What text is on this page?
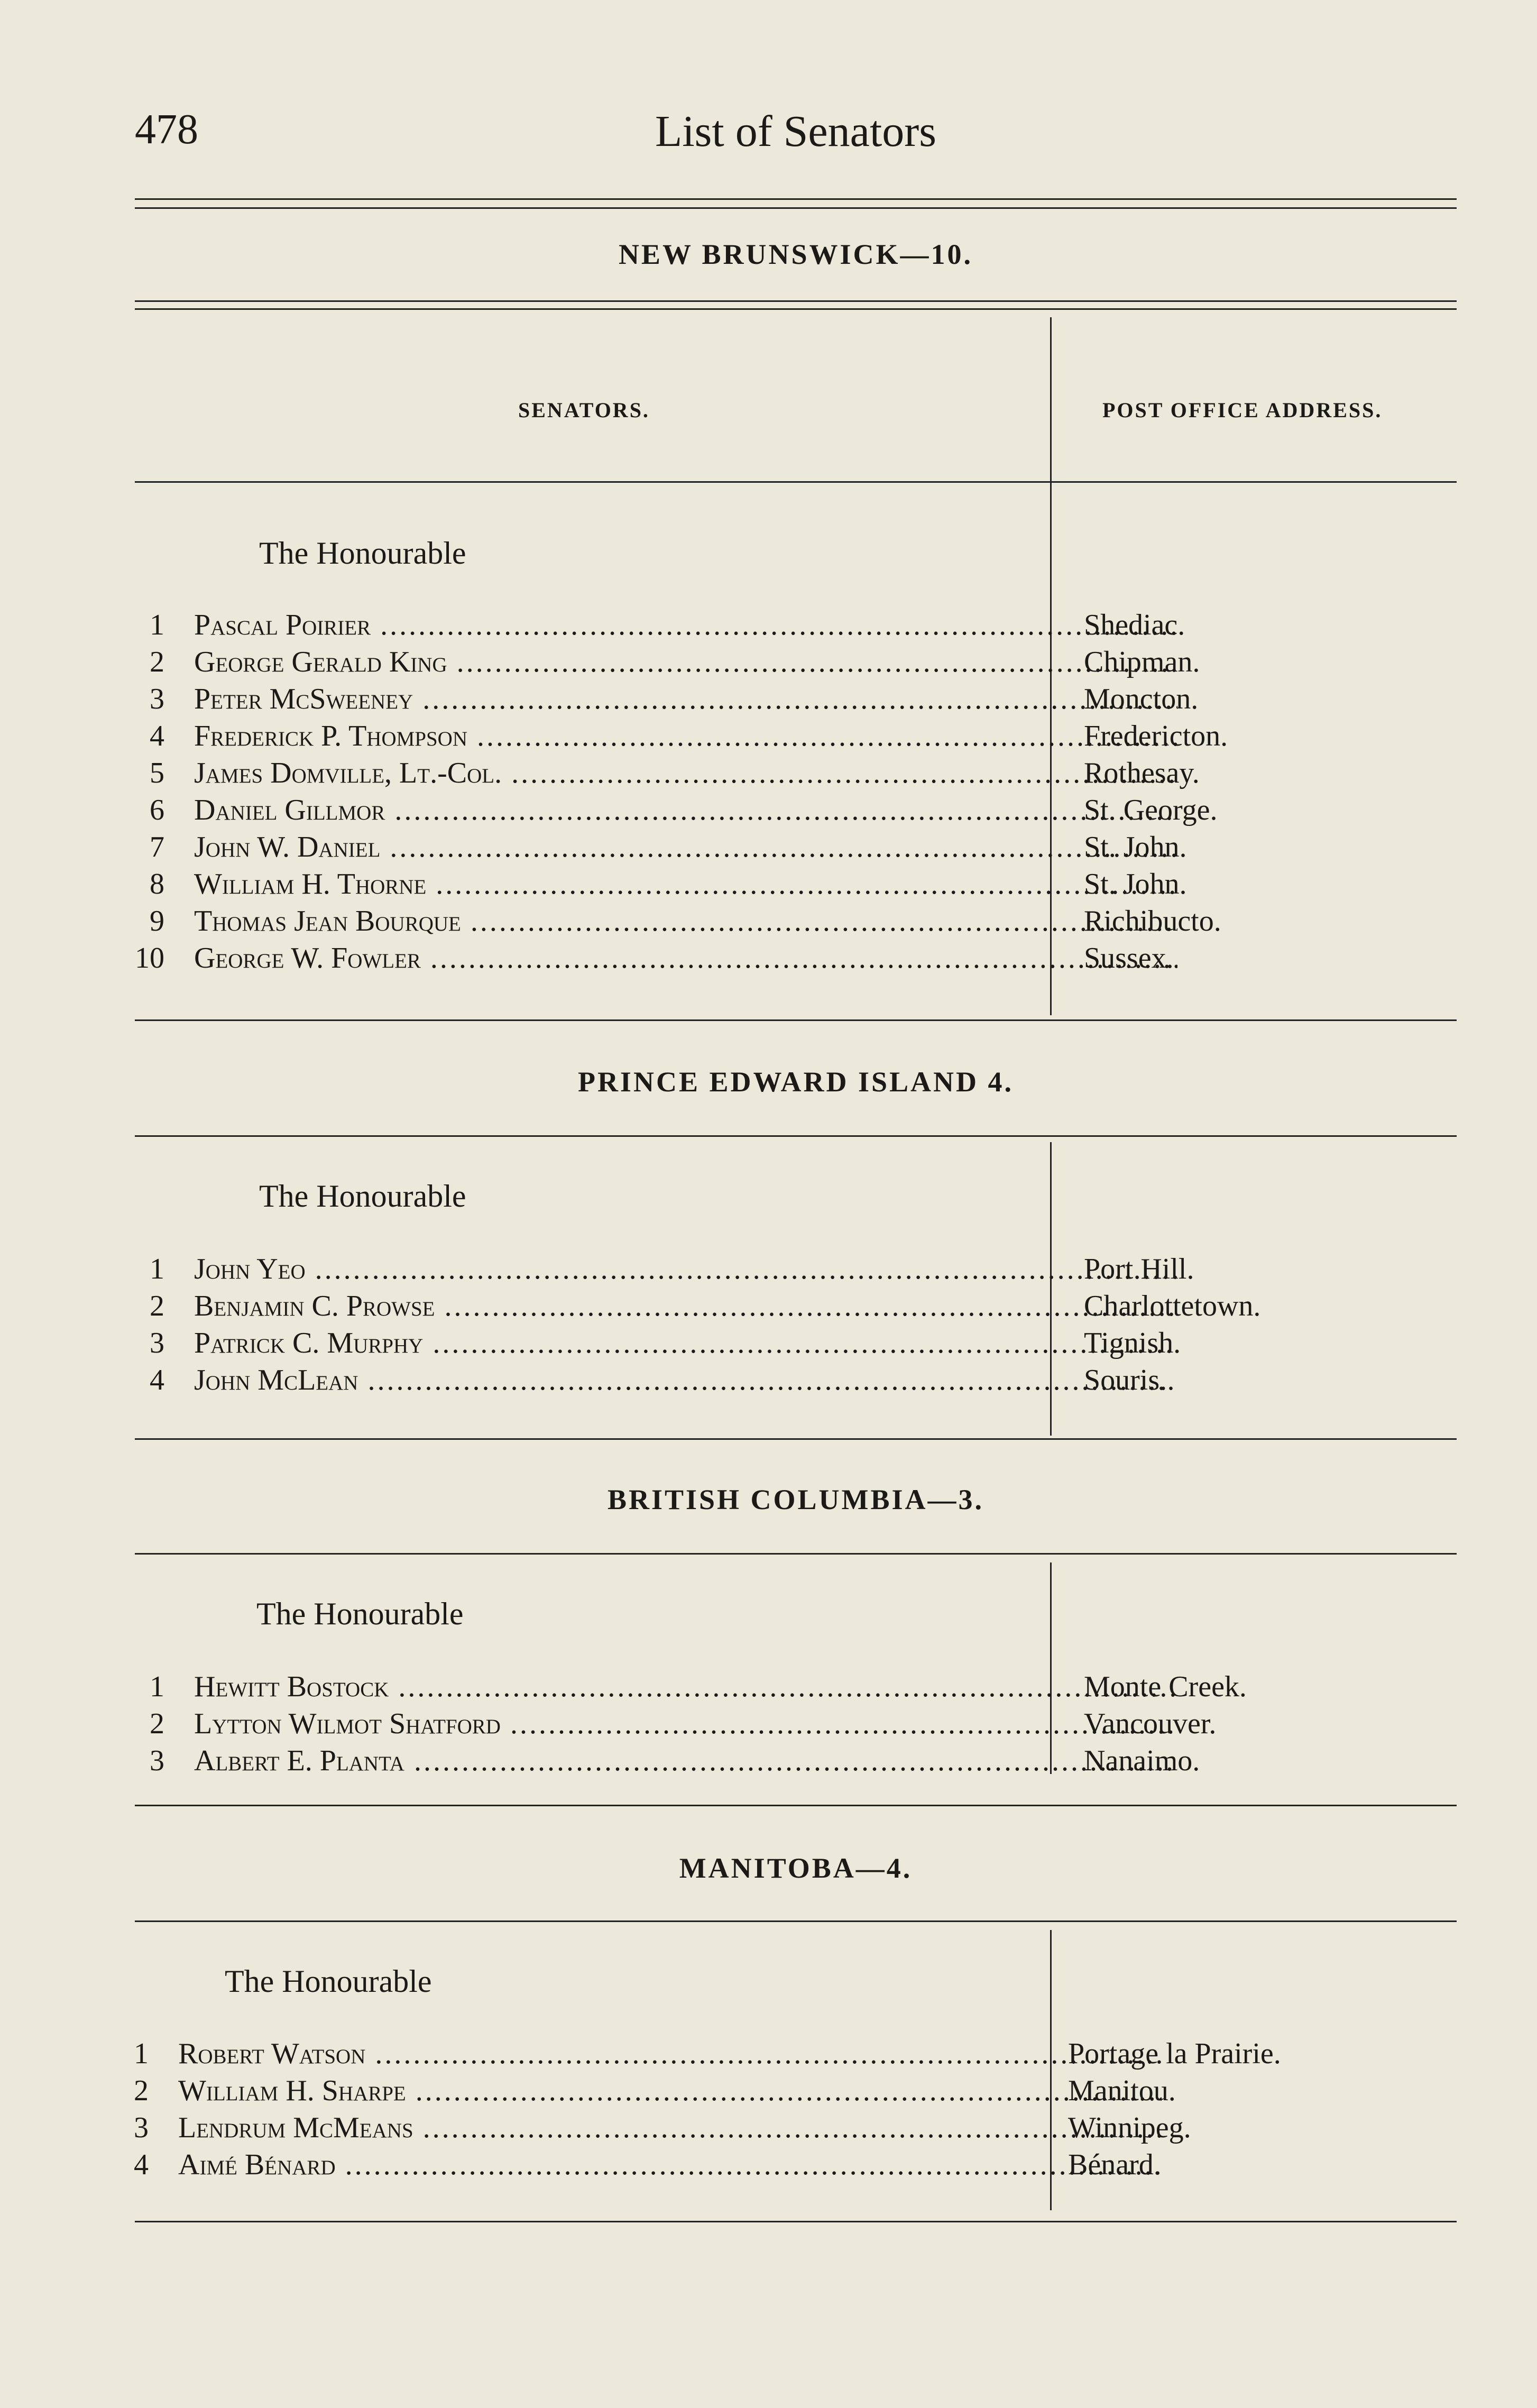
478	List of Senators
NEW BRUNSWICK—10.
SENATORS.	POST OFFICE ADDRESS.
The Honourable
1 Pascal Poirier .....	Shediac.
2 George Gerald King .....	Chipman.
3 Peter McSweeney .....	Moncton.
4 Frederick P. Thompson .....	Fredericton.
5 James Domville, Lt.-Col. .....	Rothesay.
6 Daniel Gillmor .....	St. George.
7 John W. Daniel .....	St. John.
8 William H. Thorne .....	St. John.
9 Thomas Jean Bourque .....	Richibucto.
10 George W. Fowler .....	Sussex.
PRINCE EDWARD ISLAND 4.
The Honourable
1 John Yeo .....	Port Hill.
2 Benjamin C. Prowse .....	Charlottetown.
3 Patrick C. Murphy .....	Tignish.
4 John McLean .....	Souris.
BRITISH COLUMBIA—3.
The Honourable
1 Hewitt Bostock .....	Monte Creek.
2 Lytton Wilmot Shatford .....	Vancouver.
3 Albert E. Planta .....	Nanaimo.
MANITOBA—4.
The Honourable
1 Robert Watson .....	Portage la Prairie.
2 William H. Sharpe .....	Manitou.
3 Lendrum McMeans .....	Winnipeg.
4 Aimé Bénard .....	Bénard.
